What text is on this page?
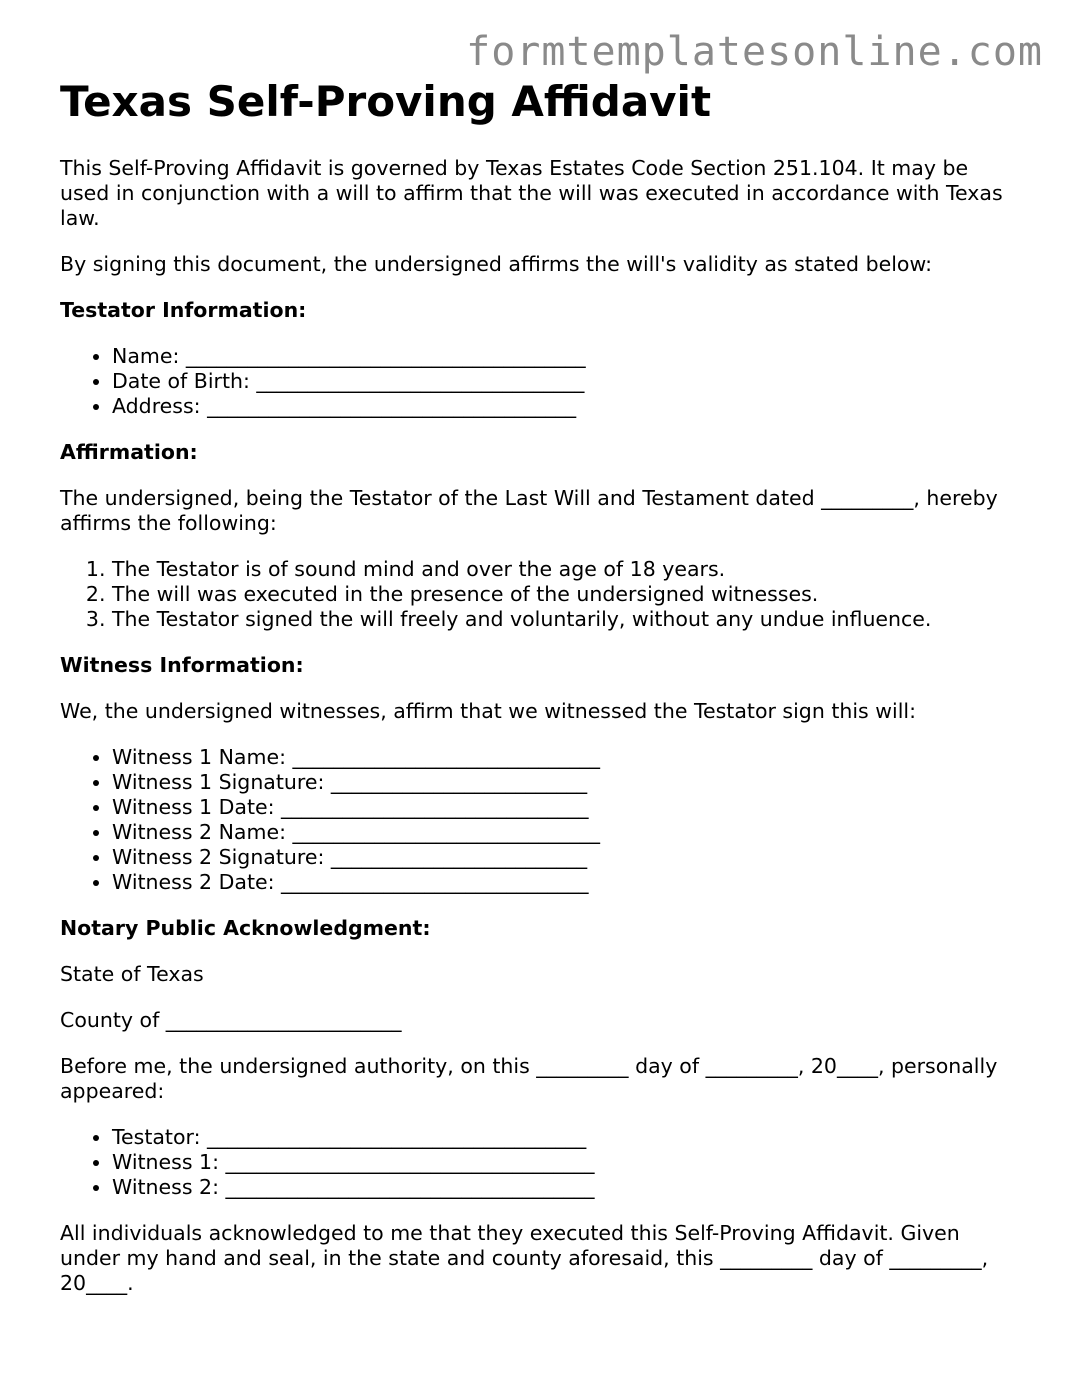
formtemplatesonline.com
Texas Self-Proving Affidavit

This Self-Proving Affidavit is governed by Texas Estates Code Section 251.104. It may be used in conjunction with a will to affirm that the will was executed in accordance with Texas law.

By signing this document, the undersigned affirms the will's validity as stated below:

Testator Information:

• Name: _______________________________________
• Date of Birth: ________________________________
• Address: ____________________________________

Affirmation:

The undersigned, being the Testator of the Last Will and Testament dated _________, hereby affirms the following:

1. The Testator is of sound mind and over the age of 18 years.
2. The will was executed in the presence of the undersigned witnesses.
3. The Testator signed the will freely and voluntarily, without any undue influence.

Witness Information:

We, the undersigned witnesses, affirm that we witnessed the Testator sign this will:

• Witness 1 Name: ______________________________
• Witness 1 Signature: _________________________
• Witness 1 Date: ______________________________
• Witness 2 Name: ______________________________
• Witness 2 Signature: _________________________
• Witness 2 Date: ______________________________

Notary Public Acknowledgment:

State of Texas

County of _______________________

Before me, the undersigned authority, on this _________ day of _________, 20____, personally appeared:

• Testator: _____________________________________
• Witness 1: ____________________________________
• Witness 2: ____________________________________

All individuals acknowledged to me that they executed this Self-Proving Affidavit. Given under my hand and seal, in the state and county aforesaid, this _________ day of _________, 20____.
